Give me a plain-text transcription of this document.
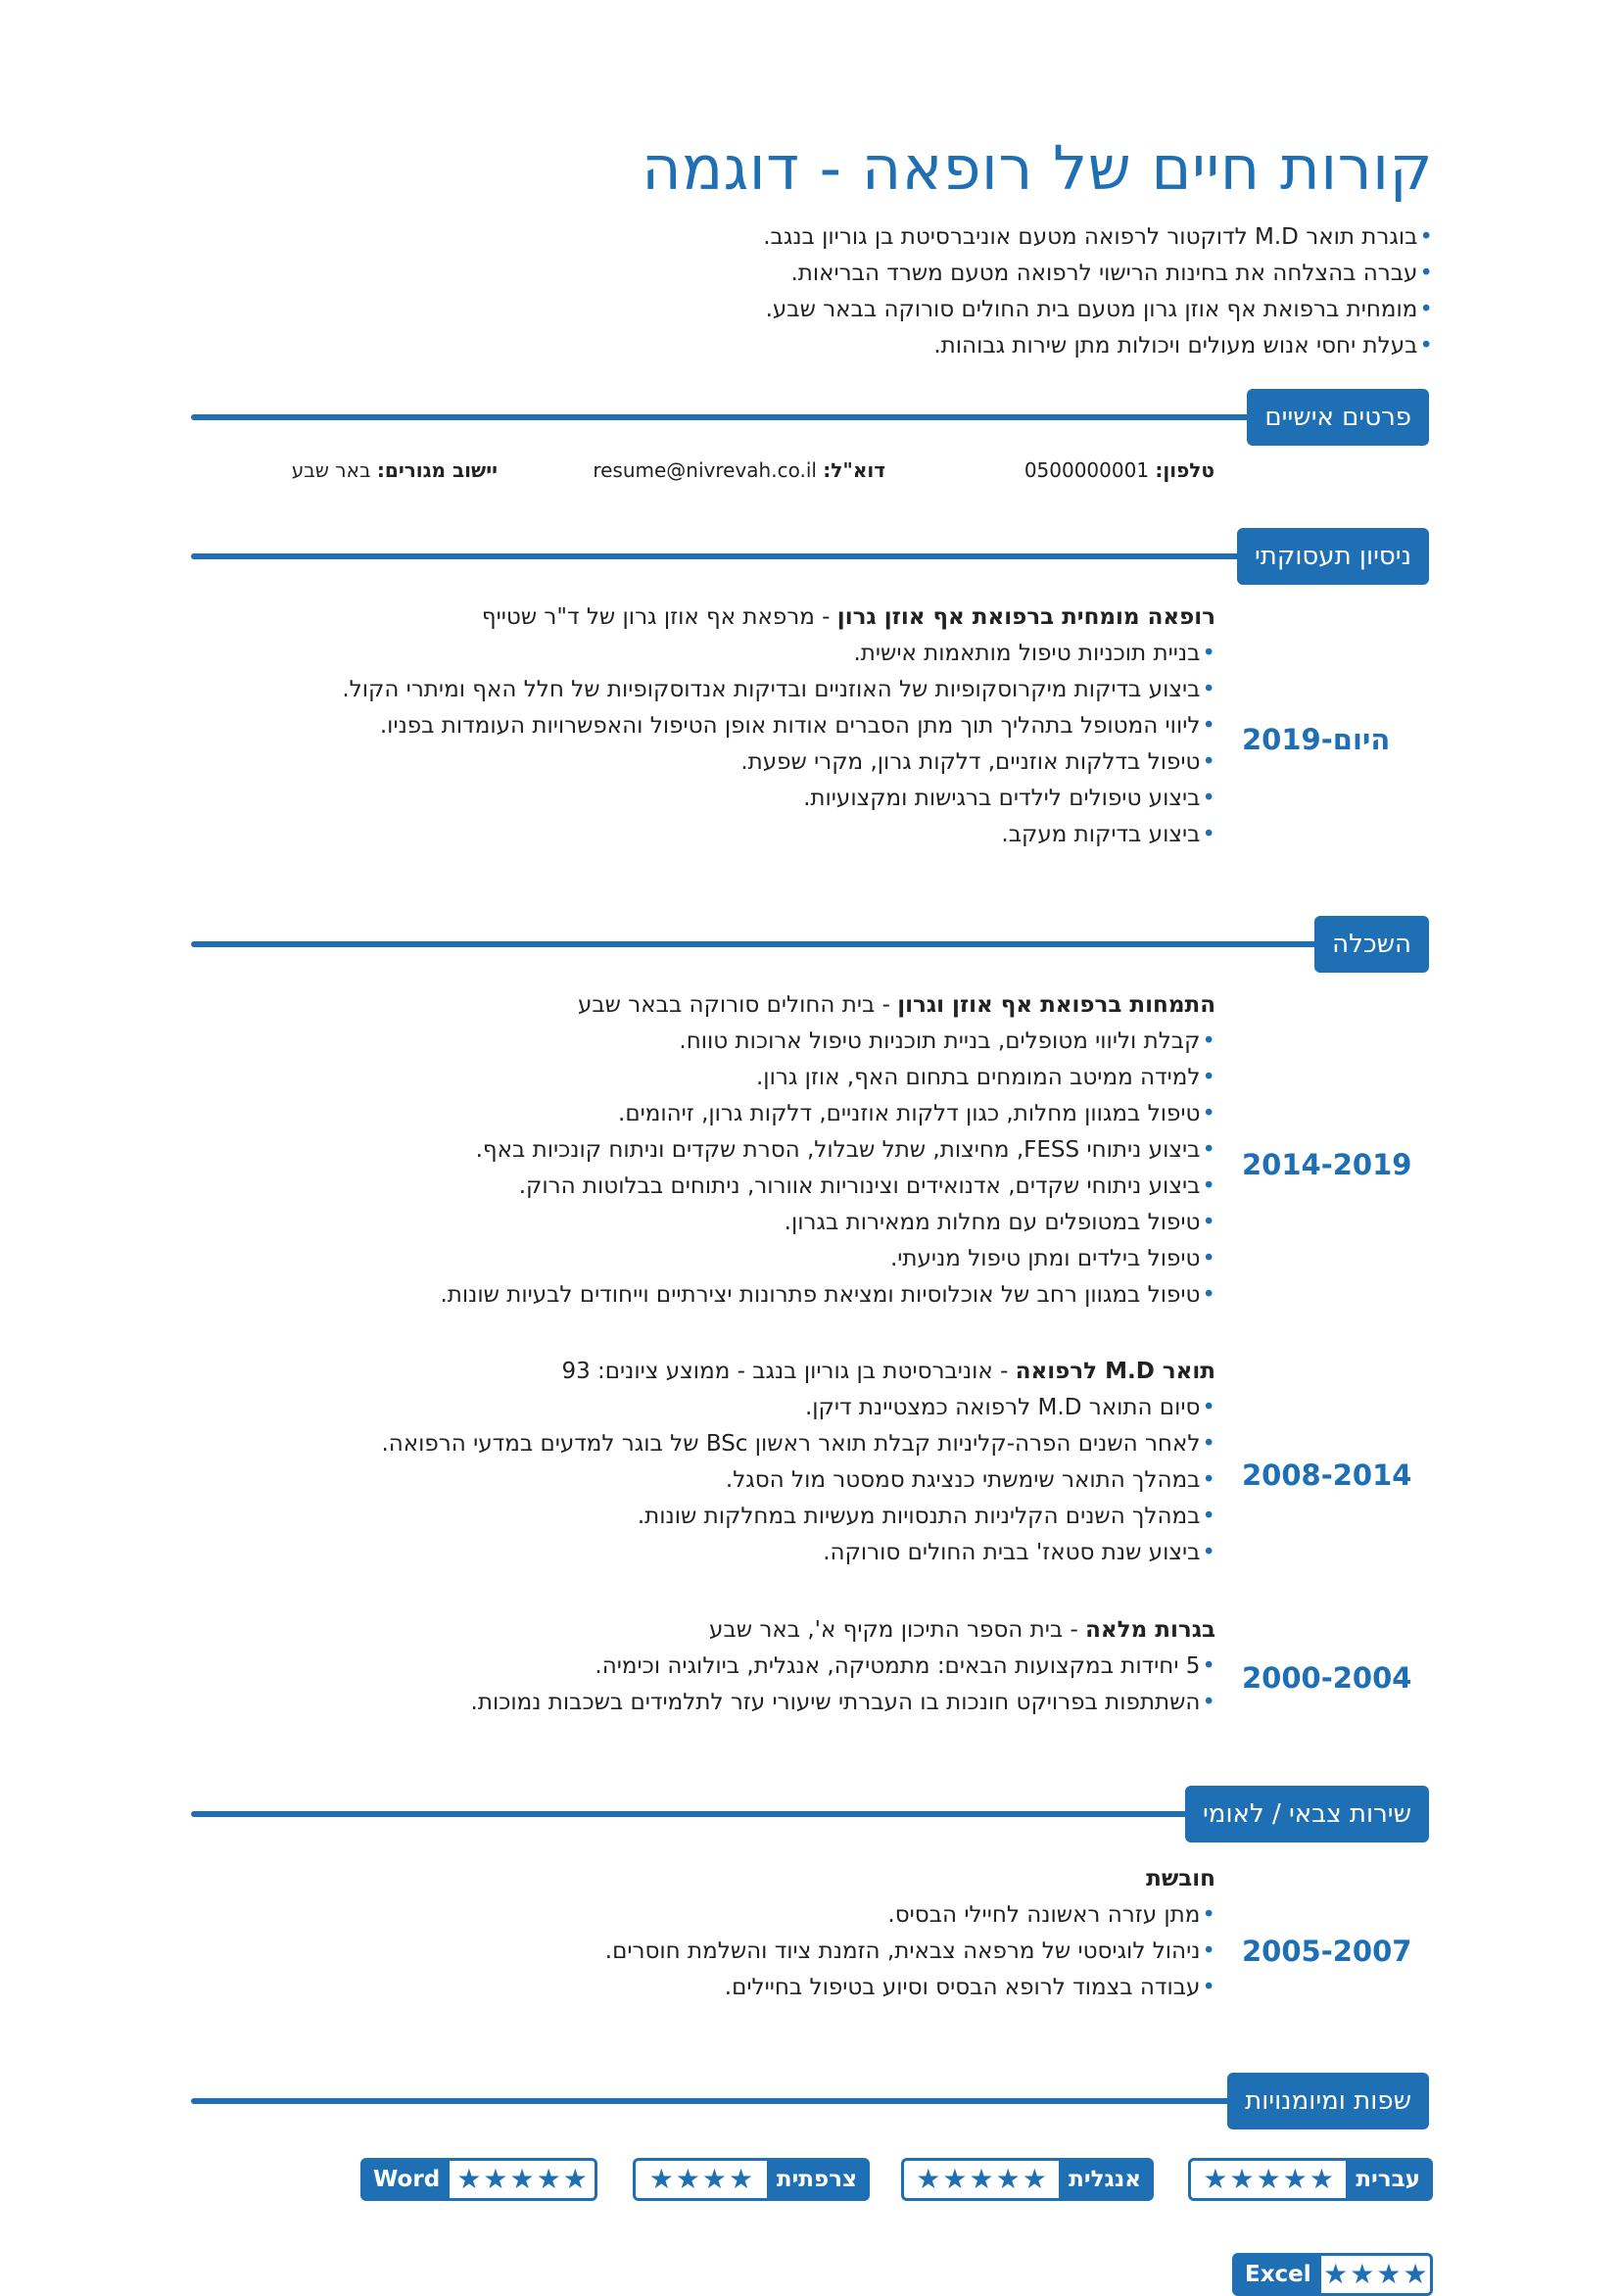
קורות חיים של רופאה - דוגמה
• בוגרת תואר M.D לדוקטור לרפואה מטעם אוניברסיטת בן גוריון בנגב.
• עברה בהצלחה את בחינות הרישוי לרפואה מטעם משרד הבריאות.
• מומחית ברפואת אף אוזן גרון מטעם בית החולים סורוקה בבאר שבע.
• בעלת יחסי אנוש מעולים ויכולות מתן שירות גבוהות.
פרטים אישיים
טלפון: 0500000001
דוא"ל: resume@nivrevah.co.il
יישוב מגורים: באר שבע
ניסיון תעסוקתי
2019-היום
רופאה מומחית ברפואת אף אוזן גרון - מרפאת אף אוזן גרון של ד"ר שטייף
• בניית תוכניות טיפול מותאמות אישית.
• ביצוע בדיקות מיקרוסקופיות של האוזניים ובדיקות אנדוסקופיות של חלל האף ומיתרי הקול.
• ליווי המטופל בתהליך תוך מתן הסברים אודות אופן הטיפול והאפשרויות העומדות בפניו.
• טיפול בדלקות אוזניים, דלקות גרון, מקרי שפעת.
• ביצוע טיפולים לילדים ברגישות ומקצועיות.
• ביצוע בדיקות מעקב.
השכלה
2014-2019
התמחות ברפואת אף אוזן וגרון - בית החולים סורוקה בבאר שבע
• קבלת וליווי מטופלים, בניית תוכניות טיפול ארוכות טווח.
• למידה ממיטב המומחים בתחום האף, אוזן גרון.
• טיפול במגוון מחלות, כגון דלקות אוזניים, דלקות גרון, זיהומים.
• ביצוע ניתוחי FESS, מחיצות, שתל שבלול, הסרת שקדים וניתוח קונכיות באף.
• ביצוע ניתוחי שקדים, אדנואידים וצינוריות אוורור, ניתוחים בבלוטות הרוק.
• טיפול במטופלים עם מחלות ממאירות בגרון.
• טיפול בילדים ומתן טיפול מניעתי.
• טיפול במגוון רחב של אוכלוסיות ומציאת פתרונות יצירתיים וייחודים לבעיות שונות.
2008-2014
תואר M.D לרפואה - אוניברסיטת בן גוריון בנגב - ממוצע ציונים: 93
• סיום התואר M.D לרפואה כמצטיינת דיקן.
• לאחר השנים הפרה-קליניות קבלת תואר ראשון BSc של בוגר למדעים במדעי הרפואה.
• במהלך התואר שימשתי כנציגת סמסטר מול הסגל.
• במהלך השנים הקליניות התנסויות מעשיות במחלקות שונות.
• ביצוע שנת סטאז' בבית החולים סורוקה.
2000-2004
בגרות מלאה - בית הספר התיכון מקיף א', באר שבע
• 5 יחידות במקצועות הבאים: מתמטיקה, אנגלית, ביולוגיה וכימיה.
• השתתפות בפרויקט חונכות בו העברתי שיעורי עזר לתלמידים בשכבות נמוכות.
שירות צבאי / לאומי
2005-2007
חובשת
• מתן עזרה ראשונה לחיילי הבסיס.
• ניהול לוגיסטי של מרפאה צבאית, הזמנת ציוד והשלמת חוסרים.
• עבודה בצמוד לרופא הבסיס וסיוע בטיפול בחיילים.
שפות ומיומנויות
★ ★ ★ ★ ★ עברית
★ ★ ★ ★ ★ אנגלית
★ ★ ★ ★	צרפתית
Word ★ ★ ★ ★ ★
Excel ★ ★ ★ ★
